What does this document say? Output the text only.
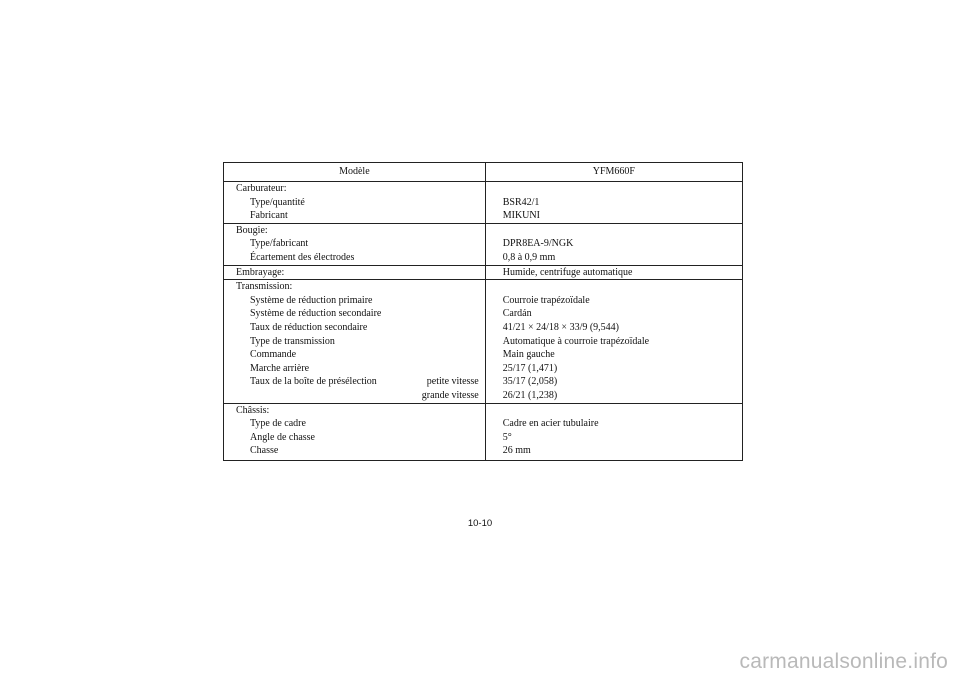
Modèle	YFM660F
Carburateur:	
Type/quantité	BSR42/1
Fabricant	MIKUNI
Bougie:	
Type/fabricant	DPR8EA-9/NGK
Écartement des électrodes	0,8 à 0,9 mm
Embrayage:	Humide, centrifuge automatique
Transmission:	
Système de réduction primaire	Courroie trapézoïdale
Système de réduction secondaire	Cardán
Taux de réduction secondaire	41/21 × 24/18 × 33/9 (9,544)
Type de transmission	Automatique à courroie trapézoïdale
Commande	Main gauche
Marche arrière	25/17 (1,471)

Taux de la boîte de présélection petite vitesse	35/17 (2,058)

grande vitesse	26/21 (1,238)
Châssis:	
Type de cadre	Cadre en acier tubulaire
Angle de chasse	5°
Chasse	26 mm
10-10
carmanualsonline.info
